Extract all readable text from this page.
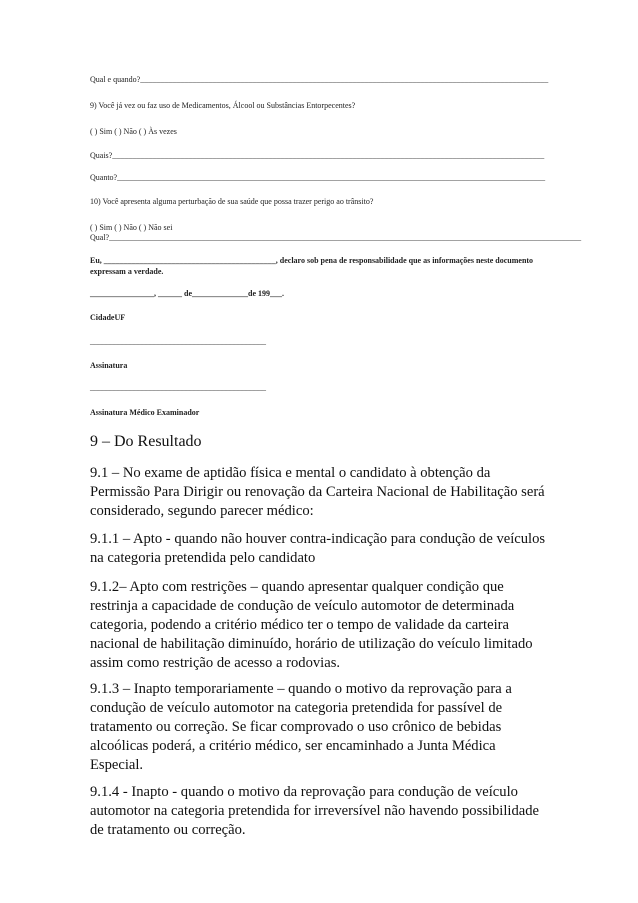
Qual e quando?______________________________________________________________________________________________________
9) Você já vez ou faz uso de Medicamentos, Álcool ou Substâncias Entorpecentes?
( ) Sim ( ) Não ( ) Às vezes
Quais?____________________________________________________________________________________________________________
Quanto?___________________________________________________________________________________________________________
10) Você apresenta alguma perturbação de sua saúde que possa trazer perigo ao trânsito?
( ) Sim ( ) Não ( ) Não sei
Qual?______________________________________________________________________________________________________________________
Eu, ___________________________________________, declaro sob pena de responsabilidade que as informações neste documento
expressam a verdade.
________________, ______ de______________de 199___.
CidadeUF
____________________________________________
Assinatura
____________________________________________
Assinatura Médico Examinador
9 – Do Resultado
9.1 – No exame de aptidão física e mental o candidato à obtenção da
Permissão Para Dirigir ou renovação da Carteira Nacional de Habilitação será
considerado, segundo parecer médico:
9.1.1 – Apto - quando não houver contra-indicação para condução de veículos
na categoria pretendida pelo candidato
9.1.2– Apto com restrições – quando apresentar qualquer condição que
restrinja a capacidade de condução de veículo automotor de determinada
categoria, podendo a critério médico ter o tempo de validade da carteira
nacional de habilitação diminuído, horário de utilização do veículo limitado
assim como restrição de acesso a rodovias.
9.1.3 – Inapto temporariamente – quando o motivo da reprovação para a
condução de veículo automotor na categoria pretendida for passível de
tratamento ou correção. Se ficar comprovado o uso crônico de bebidas
alcoólicas poderá, a critério médico, ser encaminhado a Junta Médica
Especial.
9.1.4 - Inapto - quando o motivo da reprovação para condução de veículo
automotor na categoria pretendida for irreversível não havendo possibilidade
de tratamento ou correção.
